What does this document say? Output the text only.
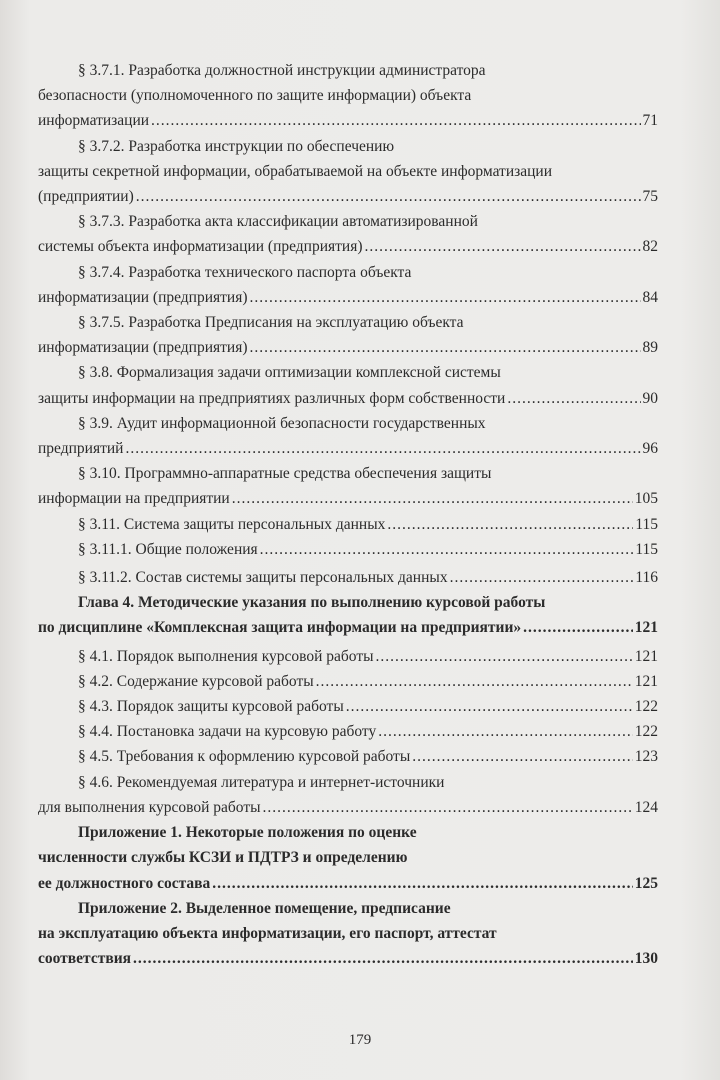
§ 3.7.1. Разработка должностной инструкции администратора
безопасности (уполномоченного по защите информации) объекта
информатизации .....	71
§ 3.7.2. Разработка инструкции по обеспечению
защиты секретной информации, обрабатываемой на объекте информатизации
(предприятии) .....	75
§ 3.7.3. Разработка акта классификации автоматизированной
системы объекта информатизации (предприятия) .....	82
§ 3.7.4. Разработка технического паспорта объекта
информатизации (предприятия) .....	84
§ 3.7.5. Разработка Предписания на эксплуатацию объекта
информатизации (предприятия) .....	89
§ 3.8. Формализация задачи оптимизации комплексной системы
защиты информации на предприятиях различных форм собственности .....	90
§ 3.9. Аудит информационной безопасности государственных
предприятий .....	96
§ 3.10. Программно-аппаратные средства обеспечения защиты
информации на предприятии .....	105
§ 3.11. Система защиты персональных данных .....	115
§ 3.11.1. Общие положения .....	115
§ 3.11.2. Состав системы защиты персональных данных .....	116
Глава 4. Методические указания по выполнению курсовой работы
по дисциплине «Комплексная защита информации на предприятии» .....	121
§ 4.1. Порядок выполнения курсовой работы .....	121
§ 4.2. Содержание курсовой работы .....	121
§ 4.3. Порядок защиты курсовой работы .....	122
§ 4.4. Постановка задачи на курсовую работу .....	122
§ 4.5. Требования к оформлению курсовой работы .....	123
§ 4.6. Рекомендуемая литература и интернет-источники
для выполнения курсовой работы .....	124
Приложение 1. Некоторые положения по оценке
численности службы КСЗИ и ПДТРЗ и определению
ее должностного состава .....	125
Приложение 2. Выделенное помещение, предписание
на эксплуатацию объекта информатизации, его паспорт, аттестат
соответствия .....	130
179
